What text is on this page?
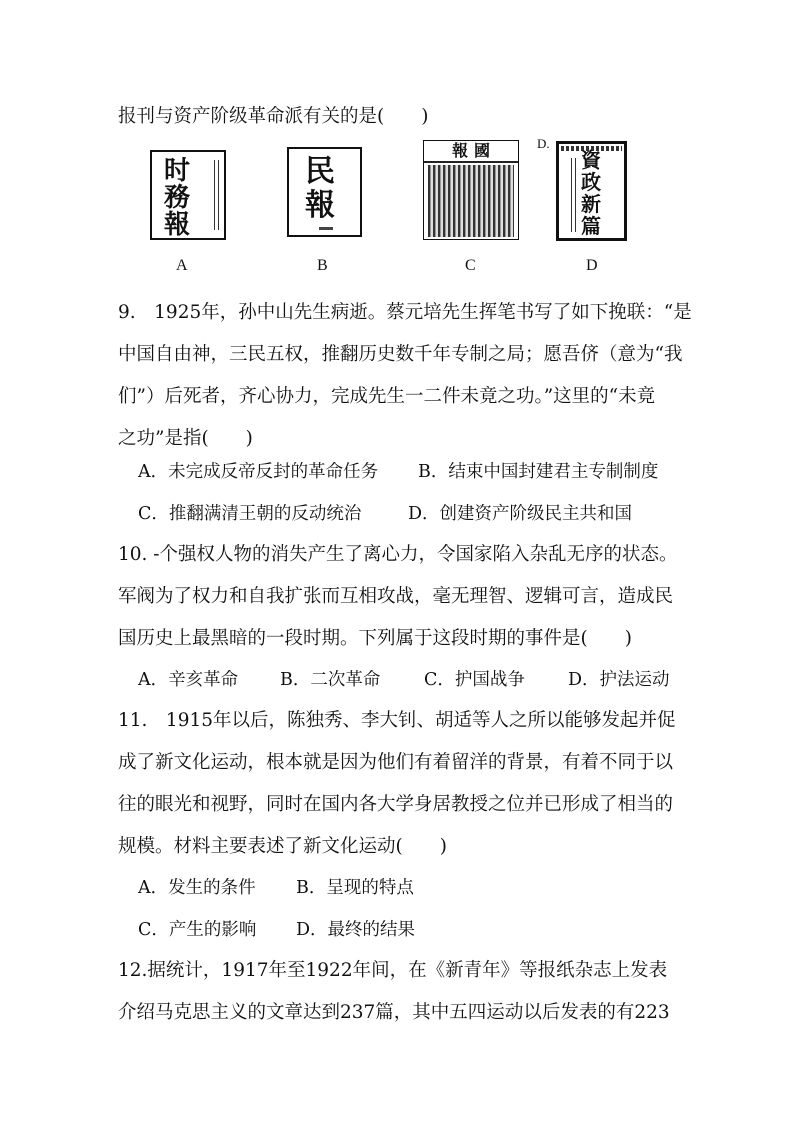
报刊与资产阶级革命派有关的是(　　)
时
務
報
A
民
報
B
報 國
C
D.
資
政
新
篇
D
9.　1925年，孙中山先生病逝。蔡元培先生挥笔书写了如下挽联：“是
中国自由神，三民五权，推翻历史数千年专制之局；愿吾侪（意为“我
们”）后死者，齐心协力，完成先生一二件未竟之功。”这里的“未竟
之功”是指(　　)
A．未完成反帝反封的革命任务 B．结束中国封建君主专制制度
C．推翻满清王朝的反动统治	D．创建资产阶级民主共和国
10. -个强权人物的消失产生了离心力，令国家陷入杂乱无序的状态。
军阀为了权力和自我扩张而互相攻战，毫无理智、逻辑可言，造成民
国历史上最黑暗的一段时期。下列属于这段时期的事件是(　　)
A．辛亥革命 B．二次革命 C．护国战争 D．护法运动
11.　1915年以后，陈独秀、李大钊、胡适等人之所以能够发起并促
成了新文化运动，根本就是因为他们有着留洋的背景，有着不同于以
往的眼光和视野，同时在国内各大学身居教授之位并已形成了相当的
规模。材料主要表述了新文化运动(　　)
A．发生的条件 B．呈现的特点
C．产生的影响 D．最终的结果
12.据统计，1917年至1922年间，在《新青年》等报纸杂志上发表
介绍马克思主义的文章达到237篇，其中五四运动以后发表的有223
